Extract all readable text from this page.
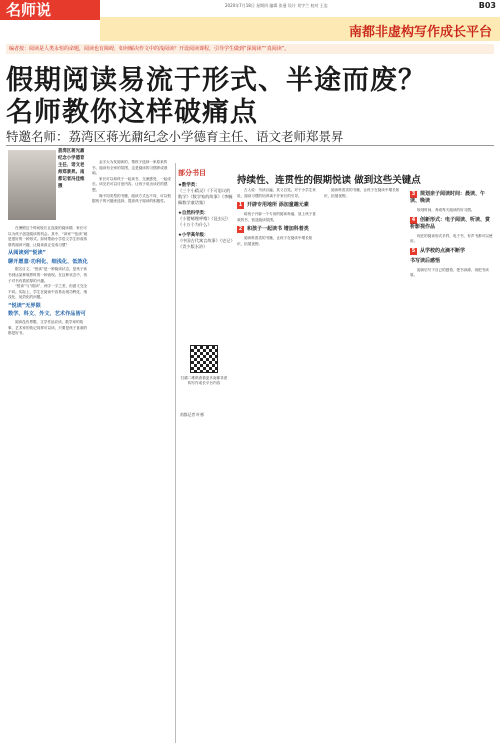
名师说	2020年7月18日 星期四 编辑 张曼 设计 刘宇兰 校对 王忠	B03
南都非虚构写作成长平台
编者按：阅读是人类永恒的命题，阅读也有障碍，如何解决作文中的浅阅读？开设阅读课程，引导学生做到“深阅读”“真阅读”。
假期阅读易流于形式、半途而废？
名师教你这样破痛点
特邀名师：荔湾区蒋光鼐纪念小学德育主任、语文老师郑景昇
荔湾区蒋光鼐纪念小学德育主任、语文老师郑景昇。南都记者冯佳维 摄

在暑假这个时间较长且连续的阅读期，家长可以为孩子创造阅读的机会。其中，“读家”“伍读”就是很好的一种形式。如何帮助小学语文学生形成浓厚的阅读兴趣，让阅读真正变成习惯？

从阅读到“悦读”
聊开愿意·功利化、细浅化、低效化

据名目文，“悦读”是一种阅读状态，是孩子读书到达某种境界时的一种表现。在这种状态中，孩子对书有着浓厚的兴趣。

“悦读”与“阅读”，两字一字之差，但意义完全不同。实际上，学生在阅读中容易出现功利化、细浅化、低效化的问题。

“悦读”无界限
数学、科文、外文、艺术作品皆可

阅读没有界限，文学作品应读，数学家的故事、艺术家的传记同样可以读，只要是孩子喜欢的都是好书。

金字大为发阅读的，帮孩子选择一家原来的书，阅读有全家的氛围，这是阅读的习惯养成基础。

家长可以和孩子一起读书，交流感受，一起成长。读完后可以讨论内容，让孩子说出读后的感想。

像不同类型的书籍，阅读方式也不同，可以根据孩子的兴趣来选择，提高孩子阅读的积极性。

部分书目
★数学类：
《三个小精灵》《不可思议的数学》《数学家的故事》《李毓佩数学童话集》
★自然科学类：
《小猪唏哩呼噜》《昆虫记》《十万个为什么》
★小学高年级：
《中国古代寓言故事》《史记》《青少版水浒》
扫描二维码查看更多南都非虚构写作成长平台内容
南都记者 叶彬
持续性、连贯性的假期悦读 做到这些关键点

古人说：书读百遍，其义自见。对于小学生来说，阅读习惯的培养离不开家长的引导。

1 开辟专用地所 添加童趣元素

给孩子开辟一个专用的阅读角落，放上孩子喜欢的书，营造阅读氛围。

2 和孩子一起读书 增加科普类

阅读科普类的书籍，让孩子在阅读中增长知识，拓展视野。

阅读科普类的书籍，让孩子在阅读中增长知识，拓展视野。	3 规划亲子阅读时间：晨读、午读、晚读

规划时间，养成每天阅读的好习惯。

4 创新形式：电子阅读、听读、赏析影视作品

现在的阅读形式多样，电子书、有声书都可以使用。

5 从学校的点滴不断学
书写读后感悟

阅读后写下自己的感悟，把书读薄，再把书读厚。
